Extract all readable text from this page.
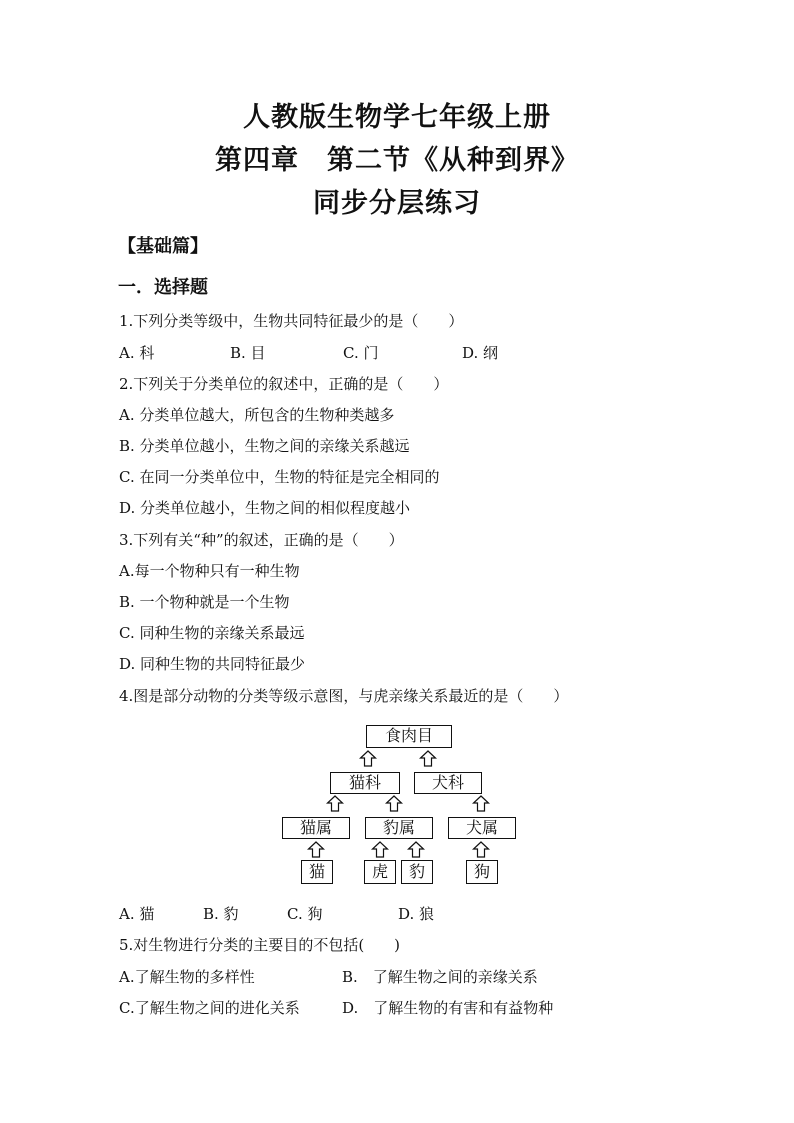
人教版生物学七年级上册
第四章　第二节《从种到界》
同步分层练习
【基础篇】
一．选择题
1.下列分类等级中，生物共同特征最少的是（　　）
A. 科	B. 目	C. 门	D. 纲
2.下列关于分类单位的叙述中，正确的是（　　）
A. 分类单位越大，所包含的生物种类越多
B. 分类单位越小，生物之间的亲缘关系越远
C. 在同一分类单位中，生物的特征是完全相同的
D. 分类单位越小，生物之间的相似程度越小
3.下列有关“种”的叙述，正确的是（　　）
A.每一个物种只有一种生物
B. 一个物种就是一个生物
C. 同种生物的亲缘关系最远
D. 同种生物的共同特征最少
4.图是部分动物的分类等级示意图，与虎亲缘关系最近的是（　　）
食肉目
猫科	犬科
猫属	豹属	犬属
猫	虎	豹	狗
A. 猫	B. 豹	C. 狗	D. 狼
5.对生物进行分类的主要目的不包括(　　)
A.了解生物的多样性	B.　了解生物之间的亲缘关系
C.了解生物之间的进化关系	D.　了解生物的有害和有益物种
